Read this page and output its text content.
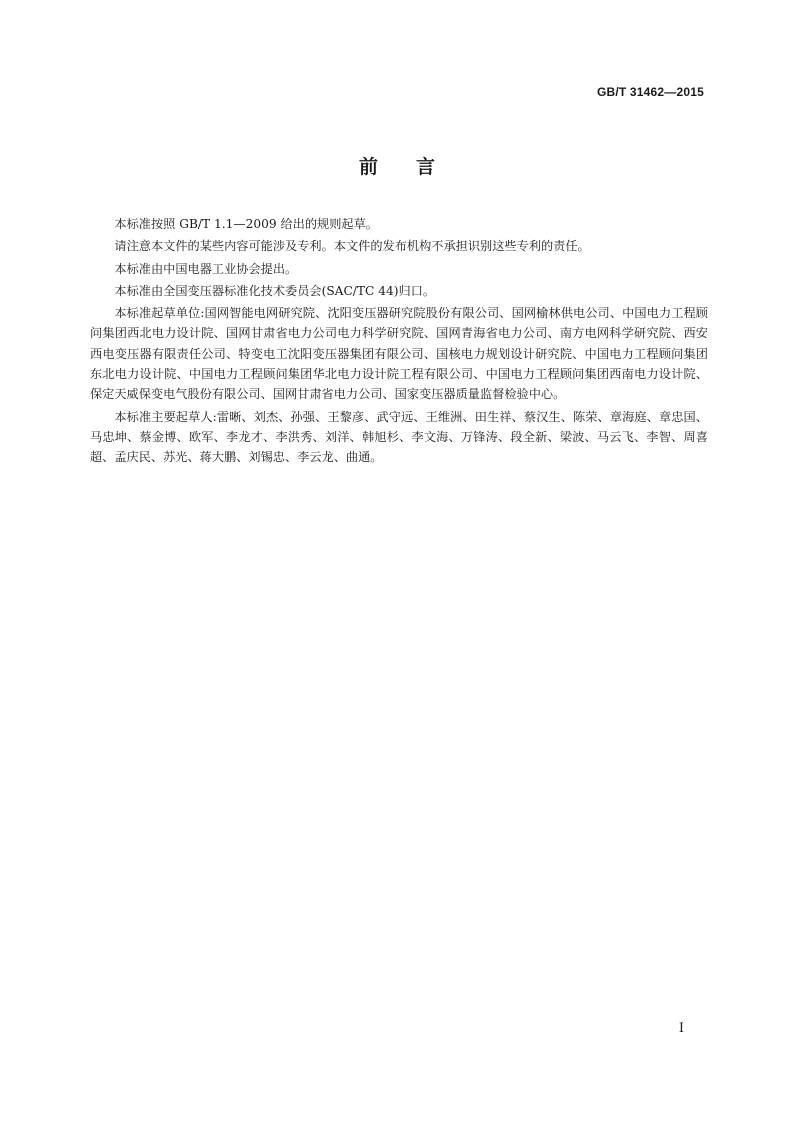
GB/T 31462—2015
前 言

本标准按照 GB/T 1.1—2009 给出的规则起草。

请注意本文件的某些内容可能涉及专利。本文件的发布机构不承担识别这些专利的责任。

本标准由中国电器工业协会提出。

本标准由全国变压器标准化技术委员会(SAC/TC 44)归口。

本标准起草单位:国网智能电网研究院、沈阳变压器研究院股份有限公司、国网榆林供电公司、中国电力工程顾问集团西北电力设计院、国网甘肃省电力公司电力科学研究院、国网青海省电力公司、南方电网科学研究院、西安西电变压器有限责任公司、特变电工沈阳变压器集团有限公司、国核电力规划设计研究院、中国电力工程顾问集团东北电力设计院、中国电力工程顾问集团华北电力设计院工程有限公司、中国电力工程顾问集团西南电力设计院、保定天威保变电气股份有限公司、国网甘肃省电力公司、国家变压器质量监督检验中心。

本标准主要起草人:雷晰、刘杰、孙强、王黎彦、武守远、王维洲、田生祥、蔡汉生、陈荣、章海庭、章忠国、马忠坤、蔡金博、欧军、李龙才、李洪秀、刘洋、韩旭杉、李文海、万锋涛、段全新、梁波、马云飞、李智、周喜超、孟庆民、苏光、蒋大鹏、刘锡忠、李云龙、曲通。

I
